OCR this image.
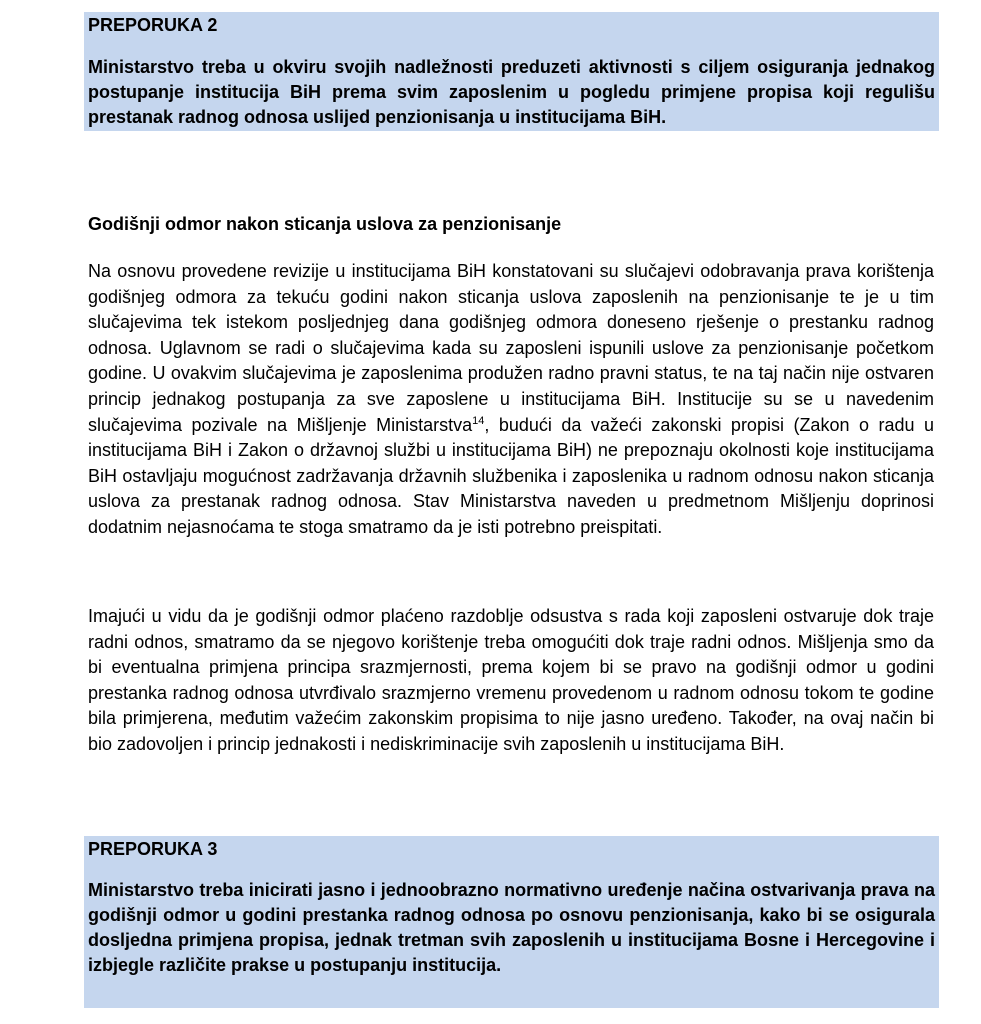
PREPORUKA 2
Ministarstvo treba u okviru svojih nadležnosti preduzeti aktivnosti s ciljem osiguranja jednakog postupanje institucija BiH prema svim zaposlenim u pogledu primjene propisa koji regulišu prestanak radnog odnosa uslijed penzionisanja u institucijama BiH.
Godišnji odmor nakon sticanja uslova za penzionisanje

Na osnovu provedene revizije u institucijama BiH konstatovani su slučajevi odobravanja prava korištenja godišnjeg odmora za tekuću godini nakon sticanja uslova zaposlenih na penzionisanje te je u tim slučajevima tek istekom posljednjeg dana godišnjeg odmora doneseno rješenje o prestanku radnog odnosa. Uglavnom se radi o slučajevima kada su zaposleni ispunili uslove za penzionisanje početkom godine. U ovakvim slučajevima je zaposlenima produžen radno pravni status, te na taj način nije ostvaren princip jednakog postupanja za sve zaposlene u institucijama BiH. Institucije su se u navedenim slučajevima pozivale na Mišljenje Ministarstva$^{14}$, budući da važeći zakonski propisi (Zakon o radu u institucijama BiH i Zakon o državnoj službi u institucijama BiH) ne prepoznaju okolnosti koje institucijama BiH ostavljaju mogućnost zadržavanja državnih službenika i zaposlenika u radnom odnosu nakon sticanja uslova za prestanak radnog odnosa. Stav Ministarstva naveden u predmetnom Mišljenju doprinosi dodatnim nejasnoćama te stoga smatramo da je isti potrebno preispitati.

Imajući u vidu da je godišnji odmor plaćeno razdoblje odsustva s rada koji zaposleni ostvaruje dok traje radni odnos, smatramo da se njegovo korištenje treba omogućiti dok traje radni odnos. Mišljenja smo da bi eventualna primjena principa srazmjernosti, prema kojem bi se pravo na godišnji odmor u godini prestanka radnog odnosa utvrđivalo srazmjerno vremenu provedenom u radnom odnosu tokom te godine bila primjerena, međutim važećim zakonskim propisima to nije jasno uređeno. Također, na ovaj način bi bio zadovoljen i princip jednakosti i nediskriminacije svih zaposlenih u institucijama BiH.

PREPORUKA 3
Ministarstvo treba inicirati jasno i jednoobrazno normativno uređenje načina ostvarivanja prava na godišnji odmor u godini prestanka radnog odnosa po osnovu penzionisanja, kako bi se osigurala dosljedna primjena propisa, jednak tretman svih zaposlenih u institucijama Bosne i Hercegovine i izbjegle različite prakse u postupanju institucija.
